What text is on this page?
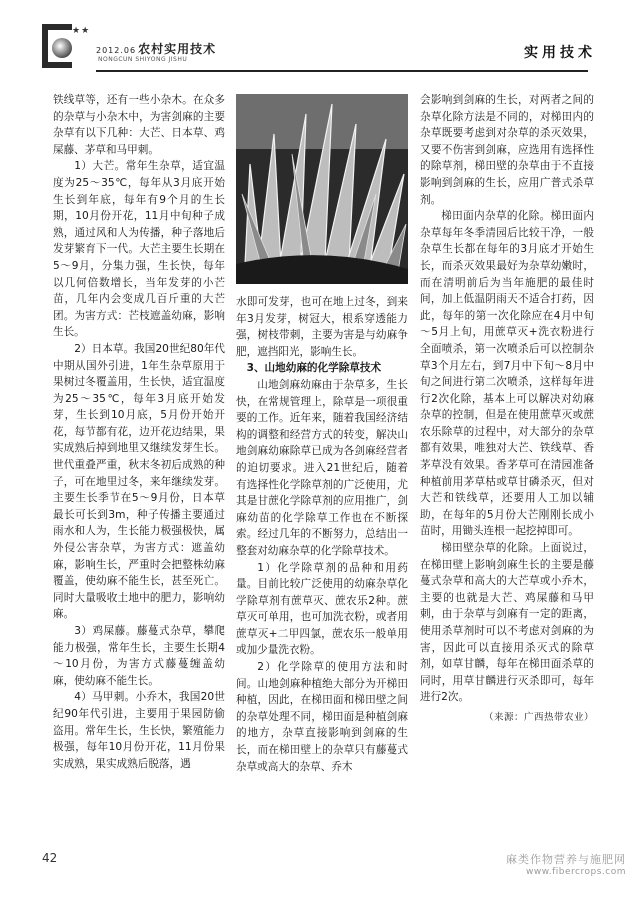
★★
2012.06 农村实用技术
NONGCUN SHIYONG JISHU	实用技术

铁线草等，还有一些小杂木。在众多的杂草与小杂木中，为害剑麻的主要杂草有以下几种：大芒、日本草、鸡屎藤、茅草和马甲刺。

1）大芒。常年生杂草，适宜温度为25～35℃，每年从3月底开始生长到年底，每年有9个月的生长期，10月份开花，11月中旬种子成熟，通过风和人为传播，种子落地后发芽繁育下一代。大芒主要生长期在5～9月，分集力强，生长快，每年以几何倍数增长，当年发芽的小芒苗，几年内会变成几百斤重的大芒团。为害方式：芒枝遮盖幼麻，影响生长。

2）日本草。我国20世纪80年代中期从国外引进，1年生杂草原用于果树过冬覆盖用，生长快，适宜温度为25～35℃，每年3月底开始发芽，生长到10月底，5月份开始开花，每节都有花，边开花边结果，果实成熟后掉到地里又继续发芽生长。世代重叠严重，秋末冬初后成熟的种子，可在地里过冬，来年继续发芽。主要生长季节在5～9月份，日本草最长可长到3m，种子传播主要通过雨水和人为，生长能力极强极快，属外侵公害杂草，为害方式：遮盖幼麻，影响生长，严重时会把整株幼麻覆盖，使幼麻不能生长，甚至死亡。同时大量吸收土地中的肥力，影响幼麻。

3）鸡屎藤。藤蔓式杂草，攀爬能力极强，常年生长，主要生长期4～10月份，为害方式藤蔓缠盖幼麻，使幼麻不能生长。

4）马甲刺。小乔木，我国20世纪90年代引进，主要用于果园防偷盗用。常年生长，生长快，繁殖能力极强，每年10月份开花，11月份果实成熟，果实成熟后脱落，遇

水即可发芽，也可在地上过冬，到来年3月发芽，树冠大，根系穿透能力强，树枝带刺，主要为害是与幼麻争肥，遮挡阳光，影响生长。

3、山地幼麻的化学除草技术

山地剑麻幼麻由于杂草多，生长快，在常规管理上，除草是一项很重要的工作。近年来，随着我国经济结构的调整和经营方式的转变，解决山地剑麻幼麻除草已成为各剑麻经营者的迫切要求。进入21世纪后，随着有选择性化学除草剂的广泛使用，尤其是甘蔗化学除草剂的应用推广，剑麻幼苗的化学除草工作也在不断探索。经过几年的不断努力，总结出一整套对幼麻杂草的化学除草技术。

1）化学除草剂的品种和用药量。目前比较广泛使用的幼麻杂草化学除草剂有蔗草灭、蔗农乐2种。蔗草灭可单用，也可加洗衣粉，或者用蔗草灭+二甲四氯，蔗农乐一般单用或加少量洗衣粉。

2）化学除草的使用方法和时间。山地剑麻种植绝大部分为开梯田种植，因此，在梯田面和梯田壁之间的杂草处理不同，梯田面是种植剑麻的地方，杂草直接影响到剑麻的生长，而在梯田壁上的杂草只有藤蔓式杂草或高大的杂草、乔木

会影响到剑麻的生长，对两者之间的杂草化除方法是不同的，对梯田内的杂草既要考虑到对杂草的杀灭效果，又要不伤害到剑麻，应选用有选择性的除草剂，梯田壁的杂草由于不直接影响到剑麻的生长，应用广普式杀草剂。

梯田面内杂草的化除。梯田面内杂草每年冬季清园后比较干净，一般杂草生长都在每年的3月底才开始生长，而杀灭效果最好为杂草幼嫩时，而在清明前后为当年施肥的最佳时间，加上低温阴雨天不适合打药，因此，每年的第一次化除应在4月中旬～5月上旬，用蔗草灭+洗衣粉进行全面喷杀，第一次喷杀后可以控制杂草3个月左右，到7月中下旬～8月中旬之间进行第二次喷杀，这样每年进行2次化除，基本上可以解决对幼麻杂草的控制，但是在使用蔗草灭或蔗农乐除草的过程中，对大部分的杂草都有效果，唯独对大芒、铁线草、香茅草没有效果。香茅草可在清园准备种植前用茅草枯或草甘磷杀灭，但对大芒和铁线草，还要用人工加以辅助，在每年的5月份大芒刚刚长成小苗时，用锄头连根一起挖掉即可。

梯田壁杂草的化除。上面说过，在梯田壁上影响剑麻生长的主要是藤蔓式杂草和高大的大芒草或小乔木，主要的也就是大芒、鸡屎藤和马甲刺，由于杂草与剑麻有一定的距离，使用杀草剂时可以不考虑对剑麻的为害，因此可以直接用杀灭式的除草剂，如草甘麟，每年在梯田面杀草的同时，用草甘麟进行灭杀即可，每年进行2次。

（来源：广西热带农业）
42	麻类作物营养与施肥网
www.fibercrops.com
